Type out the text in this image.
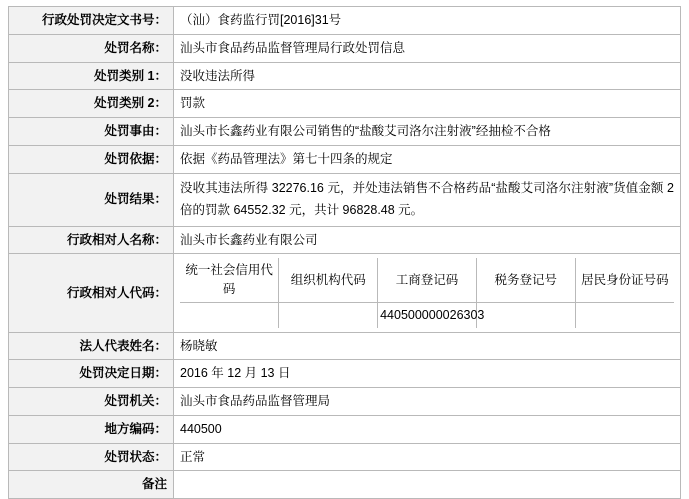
行政处罚决定文书号：	（汕）食药监行罚[2016]31号
处罚名称：	汕头市食品药品监督管理局行政处罚信息
处罚类别 1：	没收违法所得
处罚类别 2：	罚款
处罚事由：	汕头市长鑫药业有限公司销售的“盐酸艾司洛尔注射液”经抽检不合格
处罚依据：	依据《药品管理法》第七十四条的规定
处罚结果：	
没收其违法所得 32276.16 元，并处违法销售不合格药品“盐酸艾司洛尔注射液”货值金额 2 倍的罚款 64552.32 元，共计 96828.48 元。

行政相对人名称：	汕头市长鑫药业有限公司
行政相对人代码：	
统一社会信用代码	组织机构代码	工商登记码	税务登记号	居民身份证号码
		440500000026303		

法人代表姓名：	杨晓敏
处罚决定日期：	2016 年 12 月 13 日
处罚机关：	汕头市食品药品监督管理局
地方编码：	440500
处罚状态：	正常
备注	
